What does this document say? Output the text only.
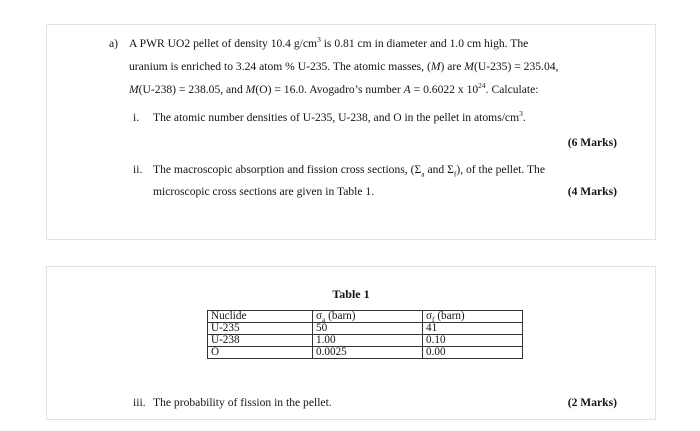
a) A PWR UO2 pellet of density 10.4 $g/cm^3$ is 0.81 cm in diameter and 1.0 cm high. The
uranium is enriched to 3.24 atom % U-235. The atomic masses, (M) are M(U-235) = 235.04,
M(U-238) = 238.05, and M(O) = 16.0. Avogadro’s number A = 0.6022 x $10^{24}$. Calculate:
i. The atomic number densities of U-235, U-238, and O in the pellet in atoms/$cm^3$.
(6 Marks)
ii. The macroscopic absorption and fission cross sections, ($\Sigma_a$ and $\Sigma_f$), of the pellet. The
microscopic cross sections are given in Table 1.	(4 Marks)
Table 1
Nuclide	$\sigma_a$ (barn)	$\sigma_f$ (barn)
U-235	50	41
U-238	1.00	0.10
O	0.0025	0.00
iii. The probability of fission in the pellet.	(2 Marks)
